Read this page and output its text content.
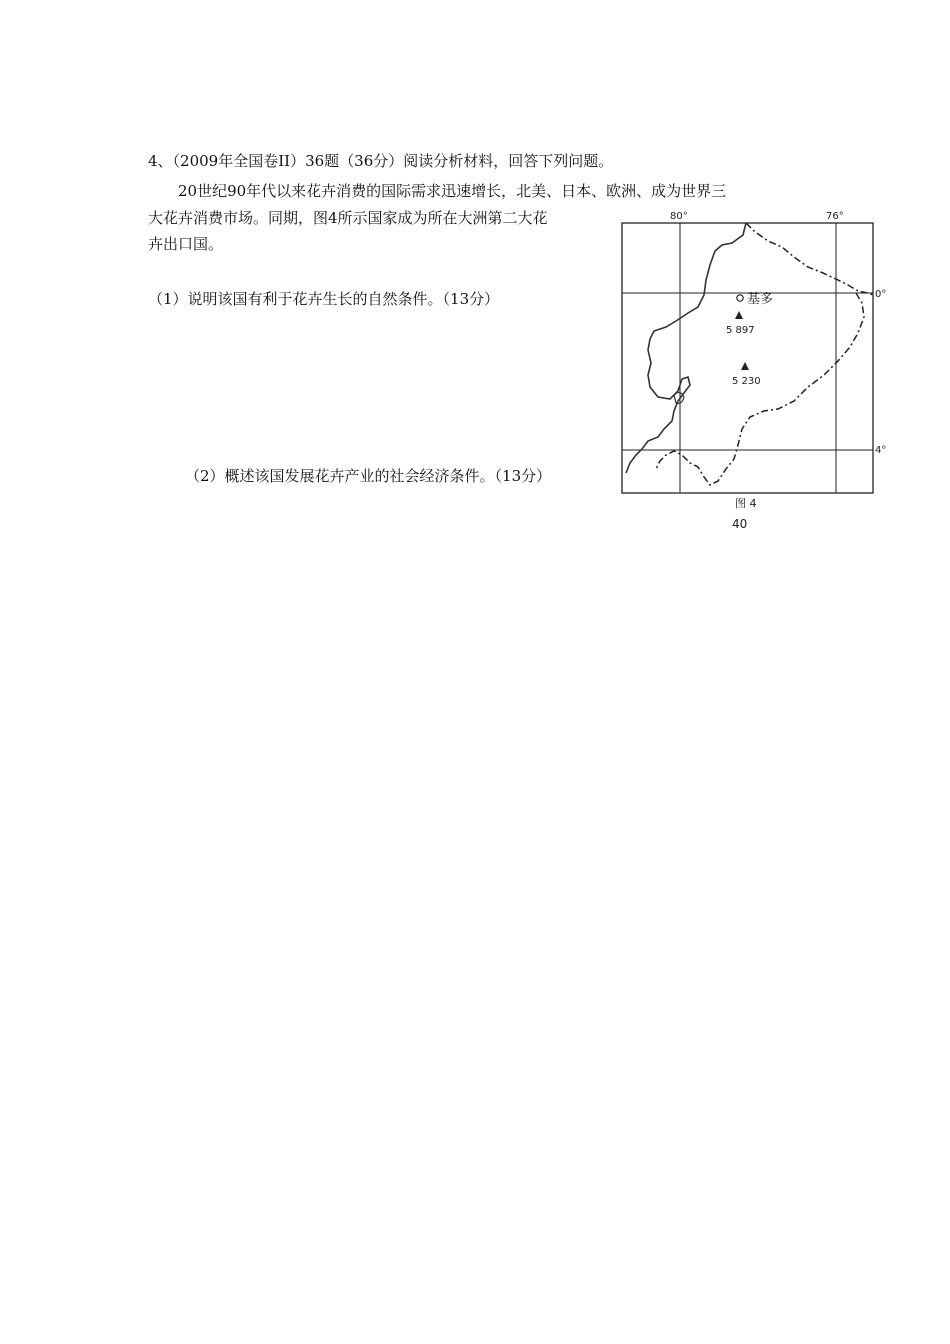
4、（2009年全国卷II）36题（36分）阅读分析材料，回答下列问题。
20世纪90年代以来花卉消费的国际需求迅速增长，北美、日本、欧洲、成为世界三
大花卉消费市场。同期，图4所示国家成为所在大洲第二大花
卉出口国。
（1）说明该国有利于花卉生长的自然条件。（13分）
（2）概述该国发展花卉产业的社会经济条件。（13分）
基多
5 897
5 230
80°	76°
0°
4°
图 4
40
